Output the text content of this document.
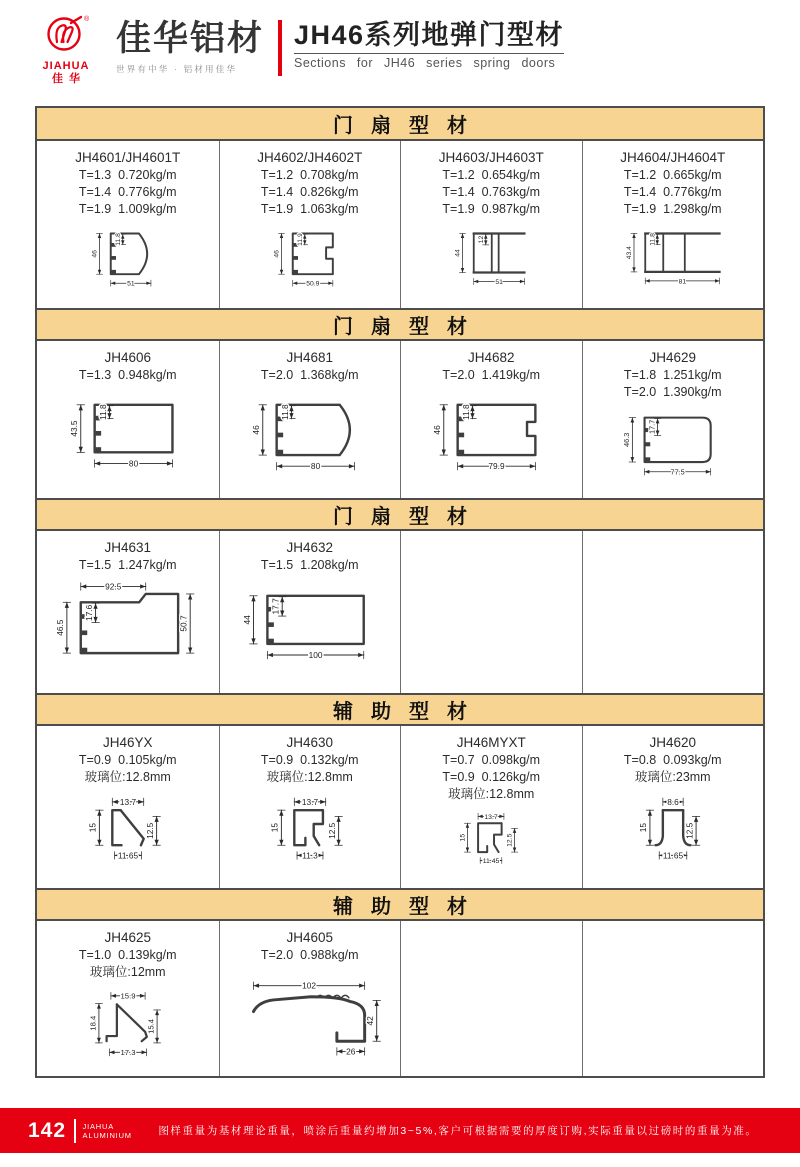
®
JIAHUA
佳华
佳华铝材
世界有中华 · 铝材用佳华
JH46系列地弹门型材
Sections for JH46 series spring doors
门扇型材
JH4601/JH4601T
T=1.3  0.720kg/m
T=1.4  0.776kg/m
T=1.9  1.009kg/m
46
11.8
51
JH4602/JH4602T
T=1.2  0.708kg/m
T=1.4  0.826kg/m
T=1.9  1.063kg/m
46
11.9
50.9
JH4603/JH4603T
T=1.2  0.654kg/m
T=1.4  0.763kg/m
T=1.9  0.987kg/m
44
12
51
JH4604/JH4604T
T=1.2  0.665kg/m
T=1.4  0.776kg/m
T=1.9  1.298kg/m
43.4
11.8
81
门扇型材
JH4606
T=1.3  0.948kg/m
43.5
11.8
80
JH4681
T=2.0  1.368kg/m
46
11.8
80
JH4682
T=2.0  1.419kg/m
46
11.8
79.9
JH4629
T=1.8  1.251kg/m
T=2.0  1.390kg/m
46.3
17.7
77.5
门扇型材
JH4631
T=1.5  1.247kg/m
92.5
46.5
17.6
50.7
JH4632
T=1.5  1.208kg/m
44
17.7
100
辅助型材
JH46YX
T=0.9  0.105kg/m
玻璃位:12.8mm
13.7
15	12.5
11.65
JH4630
T=0.9  0.132kg/m
玻璃位:12.8mm
13.7
15	12.5
11.3
JH46MYXT
T=0.7  0.098kg/m
T=0.9  0.126kg/m
玻璃位:12.8mm
13.7
15	12.5
11.45
JH4620
T=0.8  0.093kg/m
玻璃位:23mm
8.6
15	12.5
11.65
辅助型材
JH4625
T=1.0  0.139kg/m
玻璃位:12mm
15.9
18.4	15.4
17.3
JH4605
T=2.0  0.988kg/m
102
42
26
142 JIAHUA
ALUMINIUM	图样重量为基材理论重量，喷涂后重量约增加3~5%,客户可根据需要的厚度订购,实际重量以过磅时的重量为准。
